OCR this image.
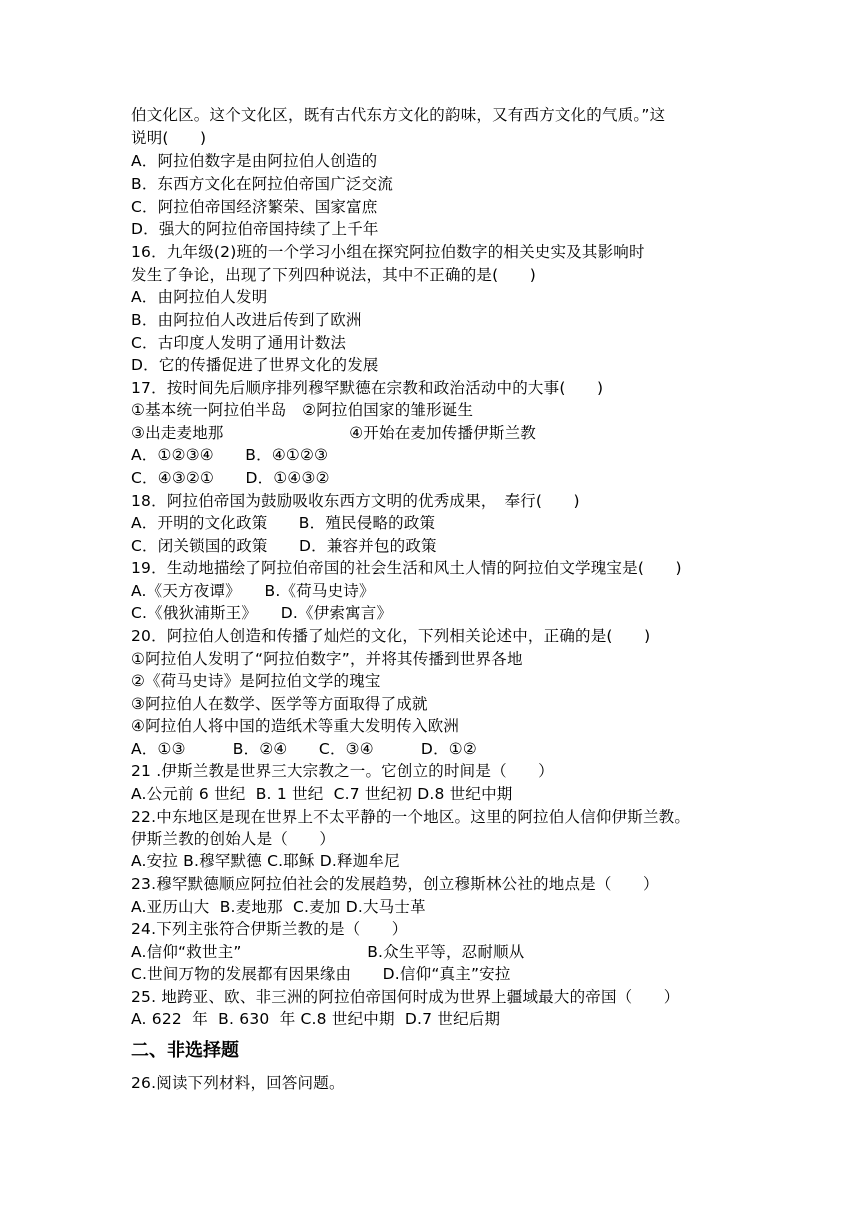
伯文化区。这个文化区，既有古代东方文化的韵味，又有西方文化的气质。”这
说明(　　)
A．阿拉伯数字是由阿拉伯人创造的
B．东西方文化在阿拉伯帝国广泛交流
C．阿拉伯帝国经济繁荣、国家富庶
D．强大的阿拉伯帝国持续了上千年
16．九年级(2)班的一个学习小组在探究阿拉伯数字的相关史实及其影响时
发生了争论，出现了下列四种说法，其中不正确的是(　　)
A．由阿拉伯人发明
B．由阿拉伯人改进后传到了欧洲
C．古印度人发明了通用计数法
D．它的传播促进了世界文化的发展
17．按时间先后顺序排列穆罕默德在宗教和政治活动中的大事(　　)
①基本统一阿拉伯半岛　②阿拉伯国家的雏形诞生
③出走麦地那　　　　　　　　④开始在麦加传播伊斯兰教
A．①②③④　　B．④①②③
C．④③②①　　D．①④③②
18．阿拉伯帝国为鼓励吸收东西方文明的优秀成果，　奉行(　　)
A．开明的文化政策　　B．殖民侵略的政策
C．闭关锁国的政策　　D．兼容并包的政策
19．生动地描绘了阿拉伯帝国的社会生活和风土人情的阿拉伯文学瑰宝是(　　)
A.《天方夜谭》　　B.《荷马史诗》
C.《俄狄浦斯王》　　D.《伊索寓言》
20．阿拉伯人创造和传播了灿烂的文化，下列相关论述中，正确的是(　　)
①阿拉伯人发明了“阿拉伯数字”，并将其传播到世界各地
②《荷马史诗》是阿拉伯文学的瑰宝
③阿拉伯人在数学、医学等方面取得了成就
④阿拉伯人将中国的造纸术等重大发明传入欧洲
A．①③　　　B．②④　　C．③④　　　D．①②
21 .伊斯兰教是世界三大宗教之一。它创立的时间是（　　）
A.公元前 6 世纪  B. 1 世纪  C.7 世纪初 D.8 世纪中期
22.中东地区是现在世界上不太平静的一个地区。这里的阿拉伯人信仰伊斯兰教。
伊斯兰教的创始人是（　　）
A.安拉 B.穆罕默德 C.耶稣 D.释迦牟尼
23.穆罕默德顺应阿拉伯社会的发展趋势，创立穆斯林公社的地点是（　　）
A.亚历山大  B.麦地那  C.麦加 D.大马士革
24.下列主张符合伊斯兰教的是（　　）
A.信仰“救世主”　　　　　　　　B.众生平等，忍耐顺从
C.世间万物的发展都有因果缘由　　D.信仰“真主”安拉
25. 地跨亚、欧、非三洲的阿拉伯帝国何时成为世界上疆域最大的帝国（　　）
A. 622  年  B. 630  年 C.8 世纪中期  D.7 世纪后期
二、非选择题
26.阅读下列材料，回答问题。
